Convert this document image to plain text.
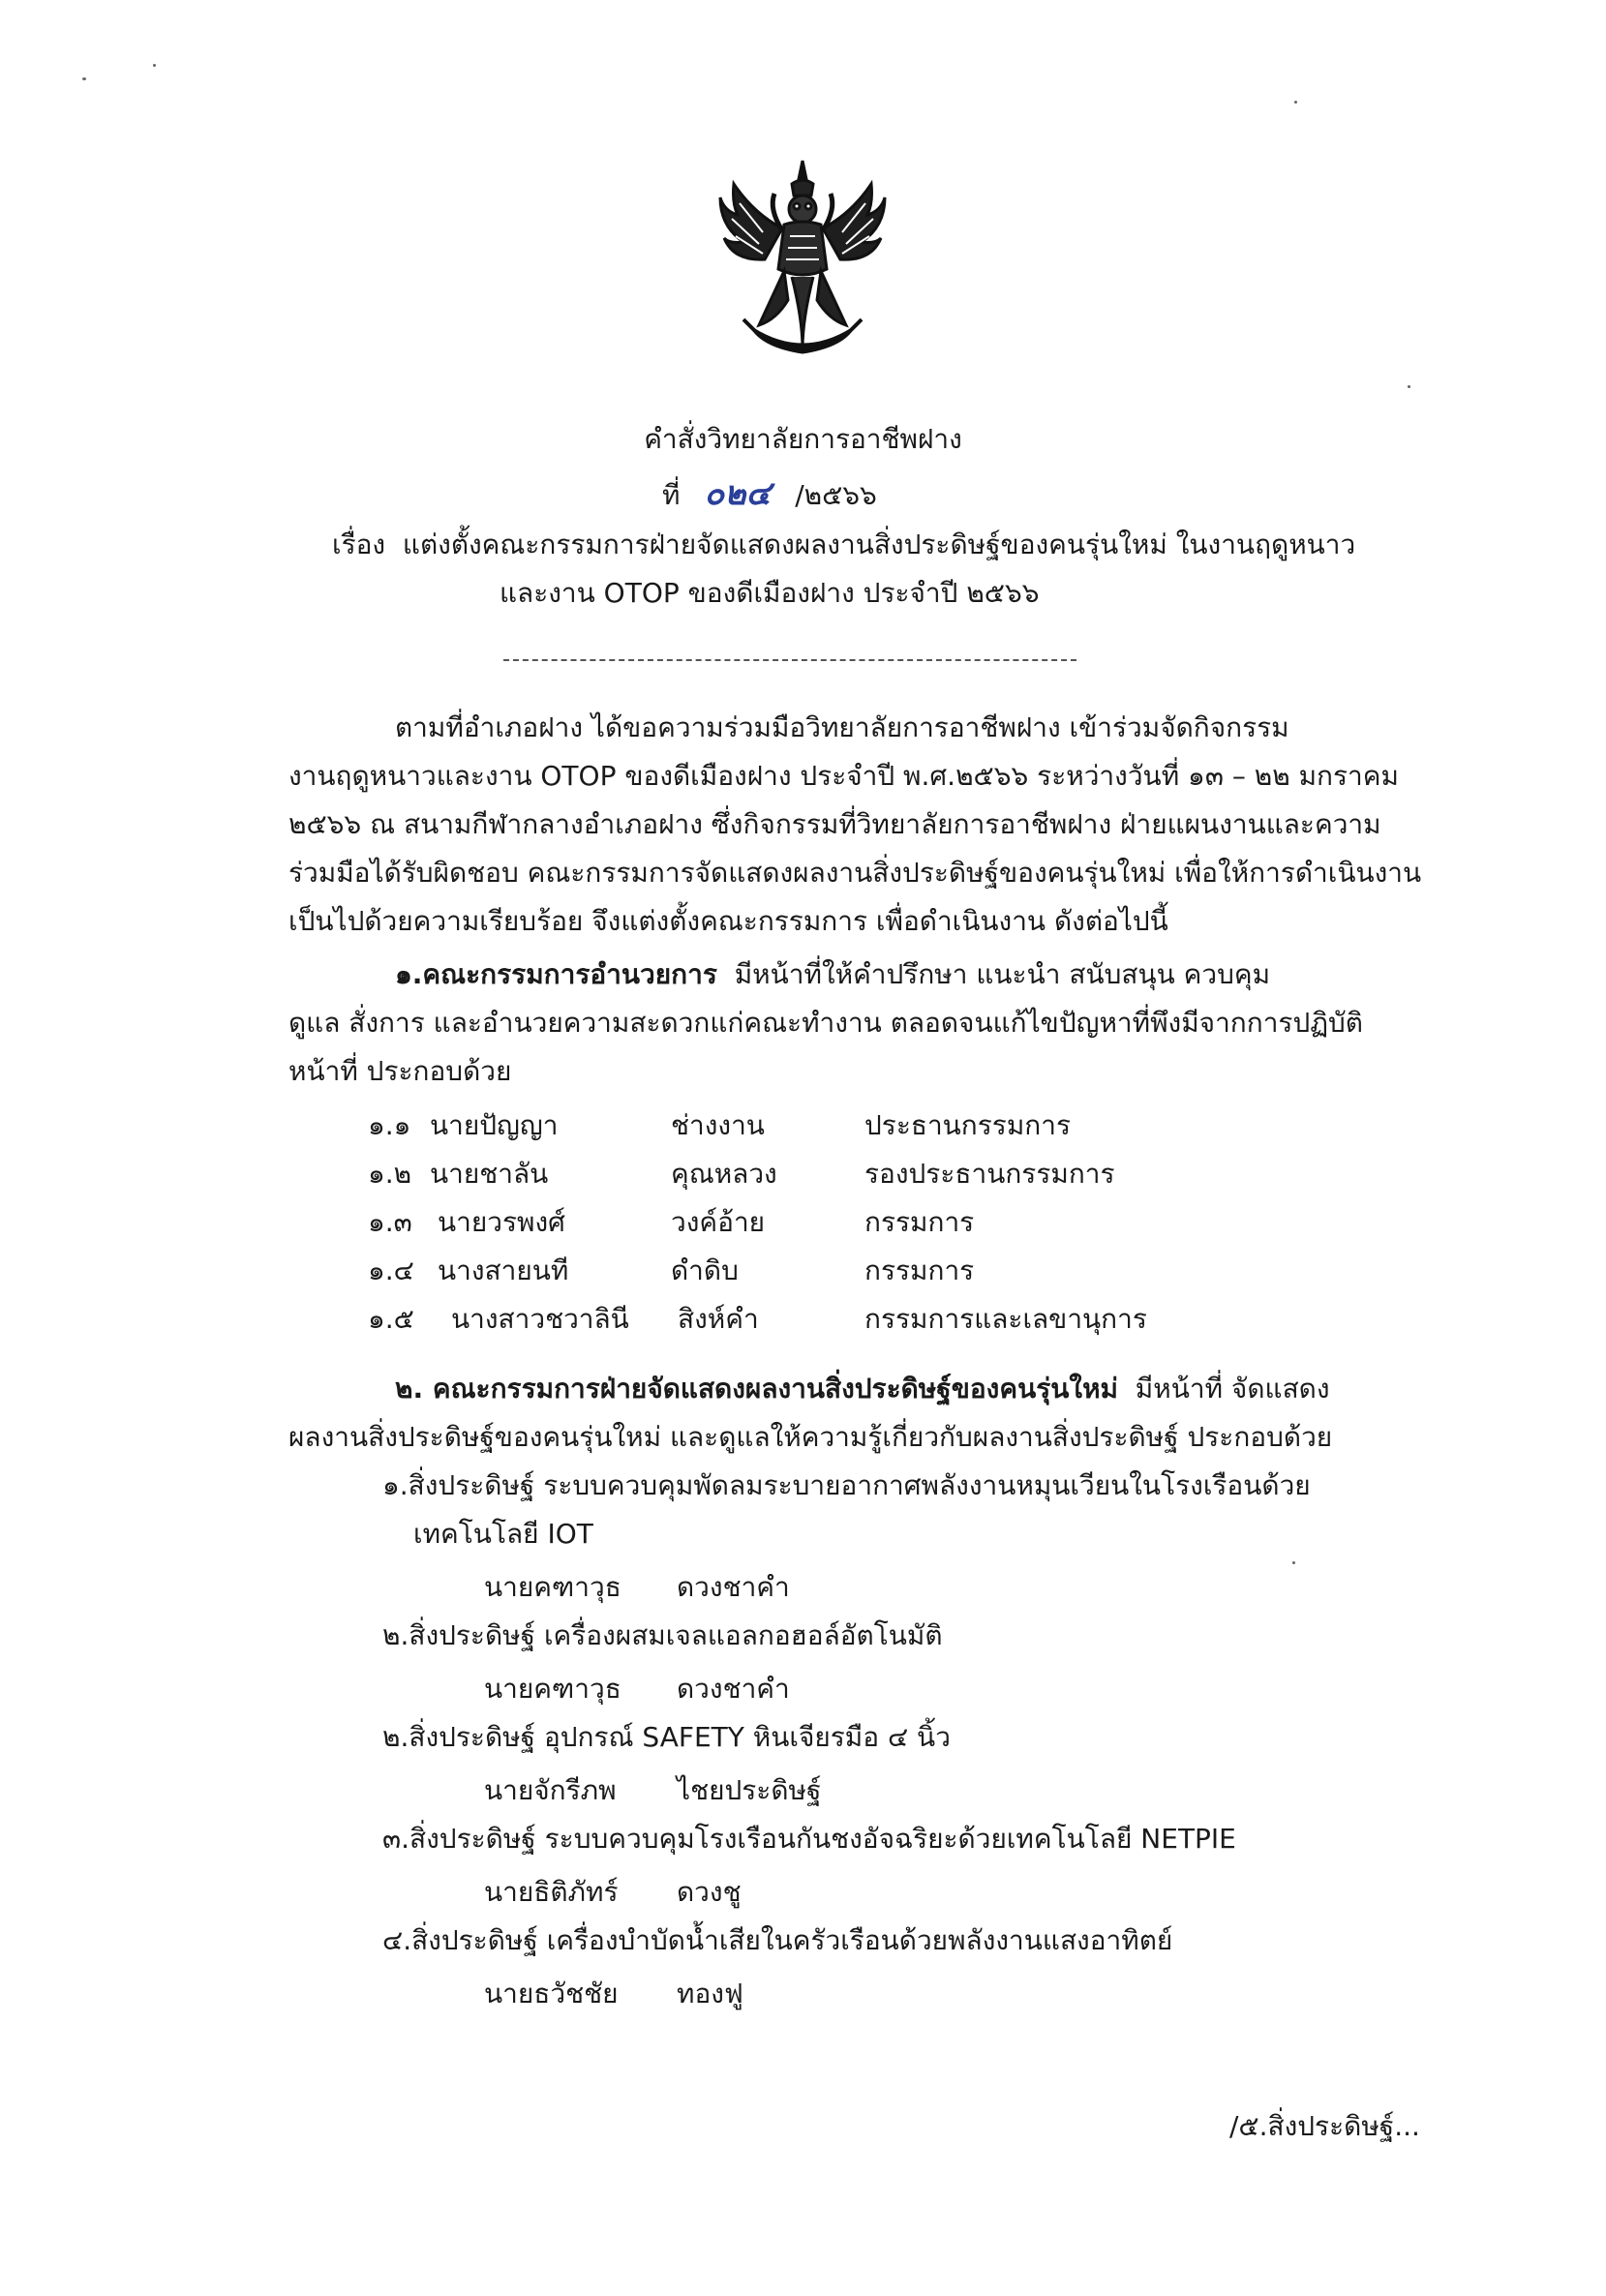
คำสั่งวิทยาลัยการอาชีพฝาง
ที่ ๐๒๔ /๒๕๖๖
เรื่อง แต่งตั้งคณะกรรมการฝ่ายจัดแสดงผลงานสิ่งประดิษฐ์ของคนรุ่นใหม่ ในงานฤดูหนาว
และงาน OTOP ของดีเมืองฝาง ประจำปี ๒๕๖๖
ตามที่อำเภอฝาง ได้ขอความร่วมมือวิทยาลัยการอาชีพฝาง เข้าร่วมจัดกิจกรรม
งานฤดูหนาวและงาน OTOP ของดีเมืองฝาง ประจำปี พ.ศ.๒๕๖๖ ระหว่างวันที่ ๑๓ – ๒๒ มกราคม
๒๕๖๖ ณ สนามกีฬากลางอำเภอฝาง ซึ่งกิจกรรมที่วิทยาลัยการอาชีพฝาง ฝ่ายแผนงานและความ
ร่วมมือได้รับผิดชอบ คณะกรรมการจัดแสดงผลงานสิ่งประดิษฐ์ของคนรุ่นใหม่ เพื่อให้การดำเนินงาน
เป็นไปด้วยความเรียบร้อย จึงแต่งตั้งคณะกรรมการ เพื่อดำเนินงาน ดังต่อไปนี้
๑.คณะกรรมการอำนวยการ มีหน้าที่ให้คำปรึกษา แนะนำ สนับสนุน ควบคุม
ดูแล สั่งการ และอำนวยความสะดวกแก่คณะทำงาน ตลอดจนแก้ไขปัญหาที่พึงมีจากการปฏิบัติ
หน้าที่ ประกอบด้วย
๑.๑ นายปัญญา	ช่างงาน	ประธานกรรมการ
๑.๒ นายชาลัน	คุณหลวง	รองประธานกรรมการ
๑.๓ นายวรพงศ์	วงค์อ้าย	กรรมการ
๑.๔ นางสายนที	ดำดิบ	กรรมการ
๑.๕ นางสาวชวาลินี สิงห์คำ	กรรมการและเลขานุการ
๒. คณะกรรมการฝ่ายจัดแสดงผลงานสิ่งประดิษฐ์ของคนรุ่นใหม่ มีหน้าที่ จัดแสดง
ผลงานสิ่งประดิษฐ์ของคนรุ่นใหม่ และดูแลให้ความรู้เกี่ยวกับผลงานสิ่งประดิษฐ์ ประกอบด้วย
๑.สิ่งประดิษฐ์ ระบบควบคุมพัดลมระบายอากาศพลังงานหมุนเวียนในโรงเรือนด้วย
เทคโนโลยี IOT
นายคฑาวุธ ดวงชาคำ
๒.สิ่งประดิษฐ์ เครื่องผสมเจลแอลกอฮอล์อัตโนมัติ
นายคฑาวุธ ดวงชาคำ
๒.สิ่งประดิษฐ์ อุปกรณ์ SAFETY หินเจียรมือ ๔ นิ้ว
นายจักรีภพ ไชยประดิษฐ์
๓.สิ่งประดิษฐ์ ระบบควบคุมโรงเรือนกันชงอัจฉริยะด้วยเทคโนโลยี NETPIE
นายธิติภัทร์ ดวงชู
๔.สิ่งประดิษฐ์ เครื่องบำบัดน้ำเสียในครัวเรือนด้วยพลังงานแสงอาทิตย์
นายธวัชชัย ทองฟู
/๕.สิ่งประดิษฐ์...
